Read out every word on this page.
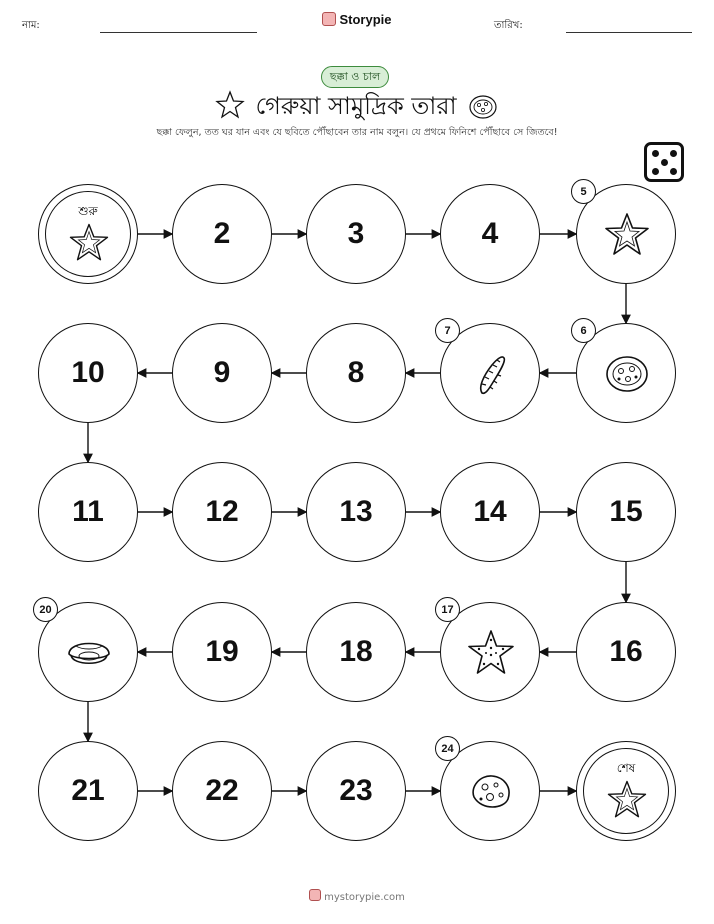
নাম:	Storypie	তারিখ:
ছক্কা ও চাল
গেরুয়া সামুদ্রিক তারা
ছক্কা ফেলুন, তত ঘর যান এবং যে ছবিতে পৌঁছাবেন তার নাম বলুন। যে প্রথমে ফিনিশে পৌঁছাবে সে জিতবে!
শুরু
2	3	4
5
6
7
8
9
10
11	12	13	14	15
16
17
18
19
20
21	22	23
24
শেষ
mystorypie.com
